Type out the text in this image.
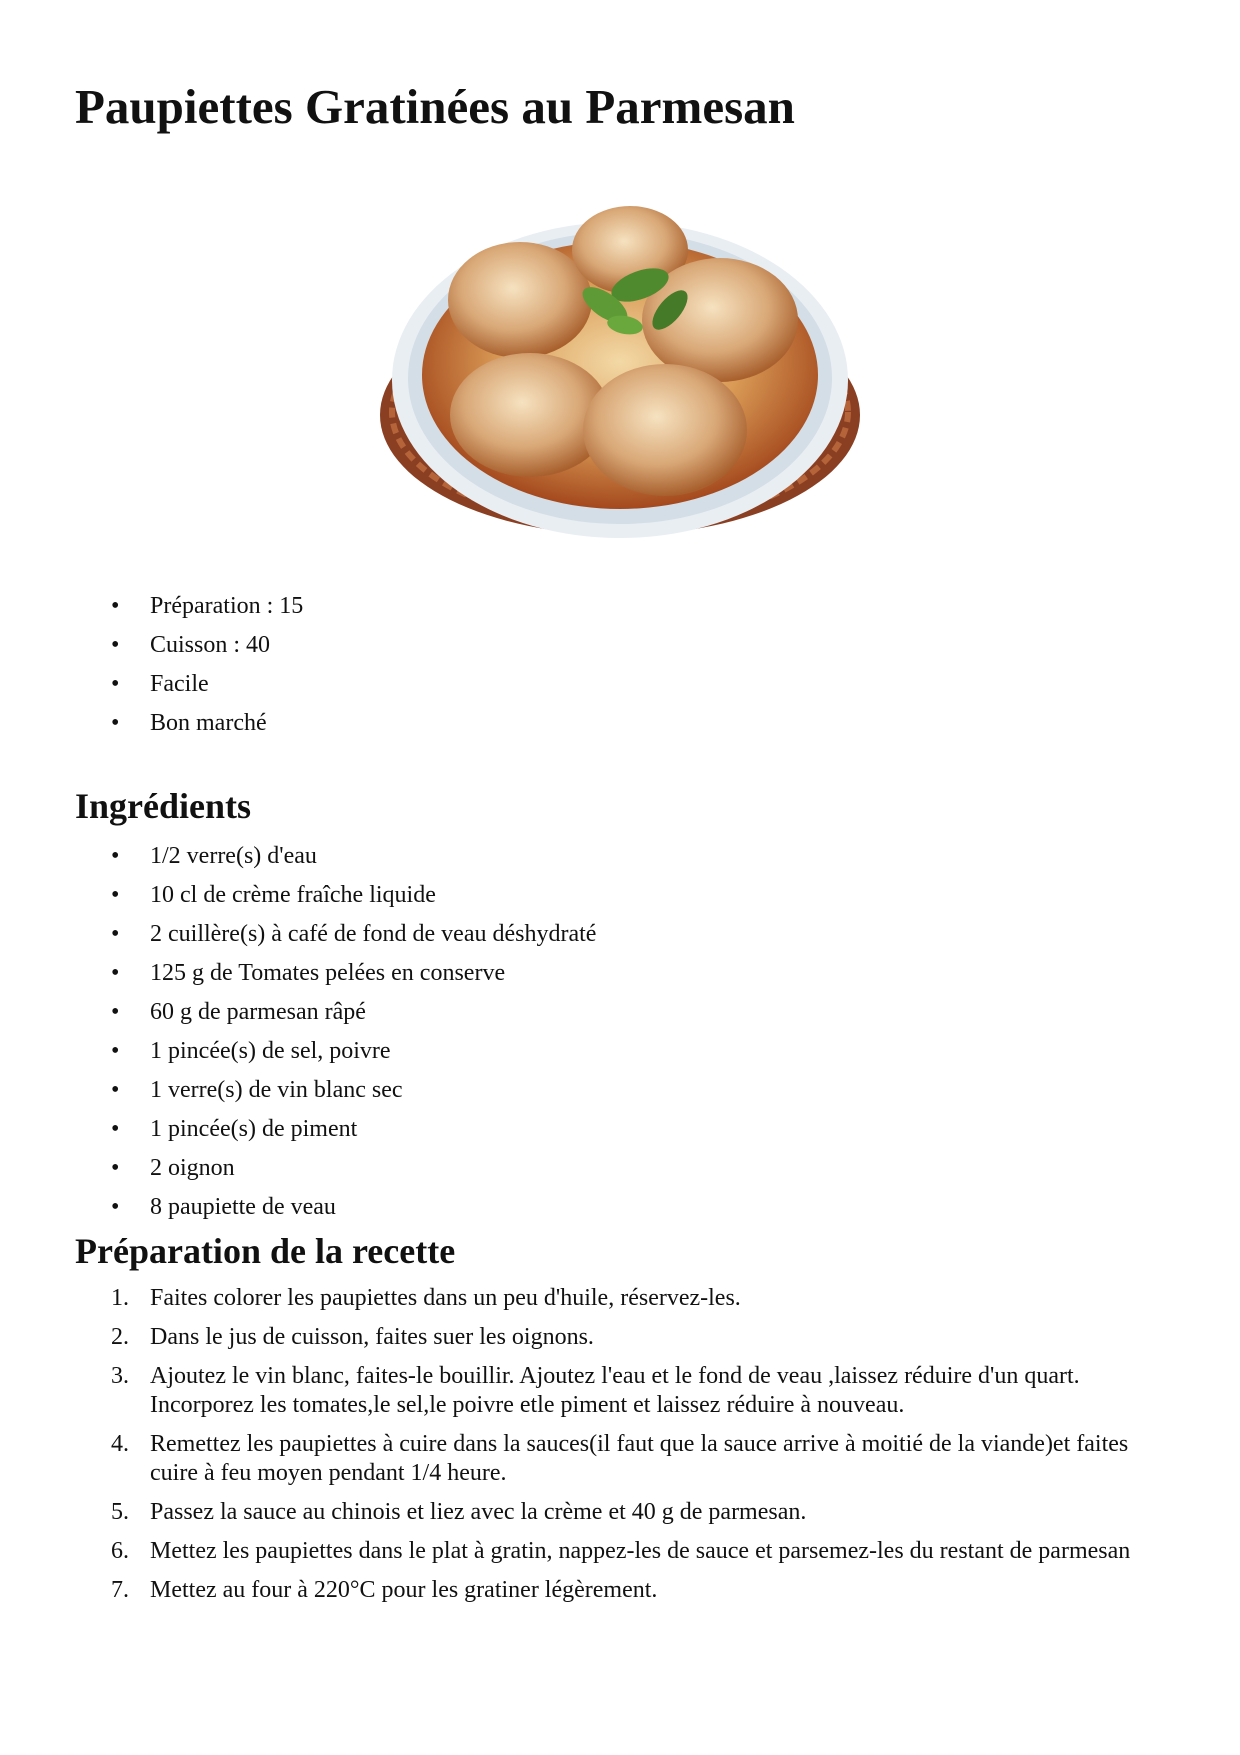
Paupiettes Gratinées au Parmesan
• Préparation : 15
• Cuisson : 40
• Facile
• Bon marché
Ingrédients
• 1/2 verre(s) d'eau
• 10 cl de crème fraîche liquide
• 2 cuillère(s) à café de fond de veau déshydraté
• 125 g de Tomates pelées en conserve
• 60 g de parmesan râpé
• 1 pincée(s) de sel, poivre
• 1 verre(s) de vin blanc sec
• 1 pincée(s) de piment
• 2 oignon
• 8 paupiette de veau
Préparation de la recette
1. Faites colorer les paupiettes dans un peu d'huile, réservez-les.
2. Dans le jus de cuisson, faites suer les oignons.
3. Ajoutez le vin blanc, faites-le bouillir. Ajoutez l'eau et le fond de veau ,laissez réduire d'un quart. Incorporez les tomates,le sel,le poivre etle piment et laissez réduire à nouveau.
4. Remettez les paupiettes à cuire dans la sauces(il faut que la sauce arrive à moitié de la viande)et faites cuire à feu moyen pendant 1/4 heure.
5. Passez la sauce au chinois et liez avec la crème et 40 g de parmesan.
6. Mettez les paupiettes dans le plat à gratin, nappez-les de sauce et parsemez-les du restant de parmesan
7. Mettez au four à 220°C pour les gratiner légèrement.
